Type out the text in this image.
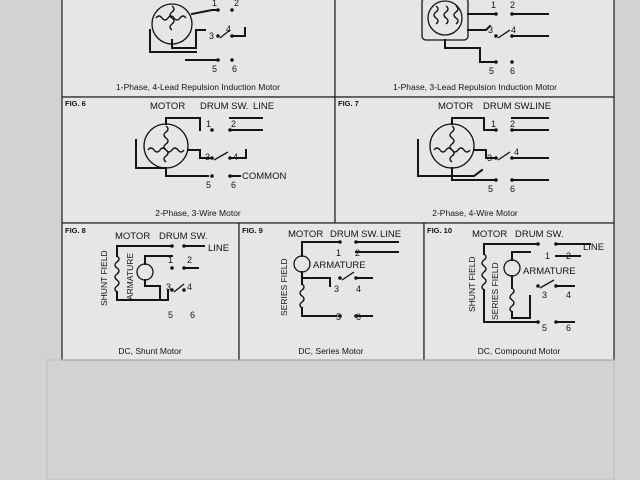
1 2
3
4
5 6
1-Phase, 4-Lead Repulsion Induction Motor
1 2
3 4
5 6
1-Phase, 3-Lead Repulsion Induction Motor
FIG. 6	MOTOR DRUM SW. LINE
1 2
3	4
5 6
COMMON
2-Phase, 3-Wire Motor
FIG. 7	MOTOR DRUM SW.
LINE
1 2
3
4
5 6
2-Phase, 4-Wire Motor
FIG. 8
MOTOR DRUM SW.
LINE
SHUNT FIELD ARMATURE	1 2
3 4
5 6
DC, Shunt Motor
FIG. 9	MOTOR DRUM SW. LINE
ARMATURE
SERIES FIELD
1 2
3 4
5 6
DC, Series Motor
FIG. 10 MOTOR DRUM SW.
LINE
SHUNT FIELD SERIES FIELD ARMATURE
1 2
3 4
5 6
DC, Compound Motor
